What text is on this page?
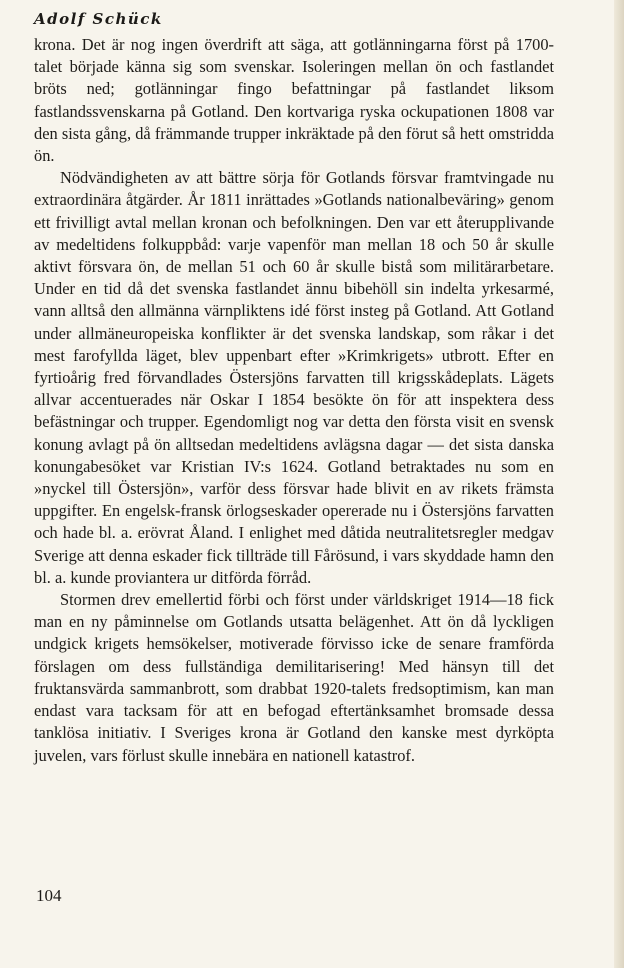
Adolf Schück

krona. Det är nog ingen överdrift att säga, att gotlänningarna först på 1700-talet började känna sig som svenskar. Isoleringen mellan ön och fastlandet bröts ned; gotlänningar fingo befattningar på fastlandet liksom fastlandssvenskarna på Gotland. Den kortvariga ryska ockupationen 1808 var den sista gång, då främmande trupper inkräktade på den förut så hett omstridda ön.

Nödvändigheten av att bättre sörja för Gotlands försvar framtvingade nu extraordinära åtgärder. År 1811 inrättades »Gotlands nationalbeväring» genom ett frivilligt avtal mellan kronan och befolkningen. Den var ett återupplivande av medeltidens folkuppbåd: varje vapenför man mellan 18 och 50 år skulle aktivt försvara ön, de mellan 51 och 60 år skulle bistå som militärarbetare. Under en tid då det svenska fastlandet ännu bibehöll sin indelta yrkesarmé, vann alltså den allmänna värnpliktens idé först insteg på Gotland. Att Gotland under allmäneuropeiska konflikter är det svenska landskap, som råkar i det mest farofyllda läget, blev uppenbart efter »Krimkrigets» utbrott. Efter en fyrtioårig fred förvandlades Östersjöns farvatten till krigsskådeplats. Lägets allvar accentuerades när Oskar I 1854 besökte ön för att inspektera dess befästningar och trupper. Egendomligt nog var detta den första visit en svensk konung avlagt på ön alltsedan medeltidens avlägsna dagar — det sista danska konungabesöket var Kristian IV:s 1624. Gotland betraktades nu som en »nyckel till Östersjön», varför dess försvar hade blivit en av rikets främsta uppgifter. En engelsk-fransk örlogseskader opererade nu i Östersjöns farvatten och hade bl. a. erövrat Åland. I enlighet med dåtida neutralitetsregler medgav Sverige att denna eskader fick tillträde till Fårösund, i vars skyddade hamn den bl. a. kunde proviantera ur ditförda förråd.

Stormen drev emellertid förbi och först under världskriget 1914—18 fick man en ny påminnelse om Gotlands utsatta belägenhet. Att ön då lyckligen undgick krigets hemsökelser, motiverade förvisso icke de senare framförda förslagen om dess fullständiga demilitarisering! Med hänsyn till det fruktansvärda sammanbrott, som drabbat 1920-talets fredsoptimism, kan man endast vara tacksam för att en befogad eftertänksamhet bromsade dessa tanklösa initiativ. I Sveriges krona är Gotland den kanske mest dyrköpta juvelen, vars förlust skulle innebära en nationell katastrof.

104
